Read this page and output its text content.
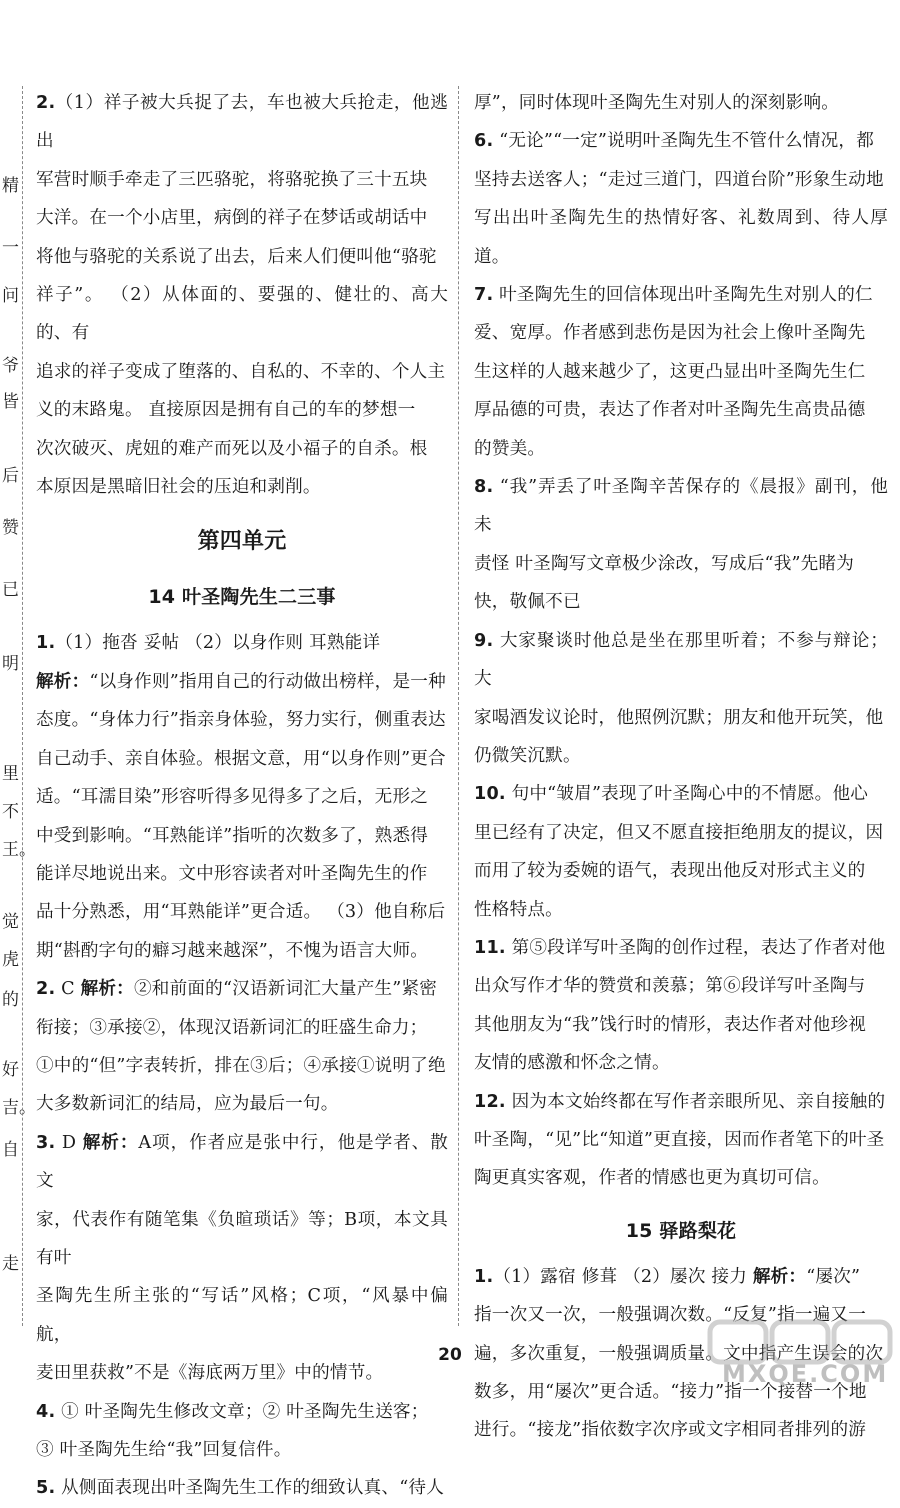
精
一
问
爷
皆
后
赞
已
明
里
不
王。
觉
虎
的
好
吉。
自
走

2.（1）祥子被大兵捉了去，车也被大兵抢走，他逃出

军营时顺手牵走了三匹骆驼，将骆驼换了三十五块

大洋。在一个小店里，病倒的祥子在梦话或胡话中

将他与骆驼的关系说了出去，后来人们便叫他“骆驼

祥子”。 （2）从体面的、要强的、健壮的、高大的、有

追求的祥子变成了堕落的、自私的、不幸的、个人主

义的末路鬼。 直接原因是拥有自己的车的梦想一

次次破灭、虎妞的难产而死以及小福子的自杀。根

本原因是黑暗旧社会的压迫和剥削。

第四单元
14 叶圣陶先生二三事

1.（1）拖沓 妥帖 （2）以身作则 耳熟能详

解析：“以身作则”指用自己的行动做出榜样，是一种

态度。“身体力行”指亲身体验，努力实行，侧重表达

自己动手、亲自体验。根据文意，用“以身作则”更合

适。“耳濡目染”形容听得多见得多了之后，无形之

中受到影响。“耳熟能详”指听的次数多了，熟悉得

能详尽地说出来。文中形容读者对叶圣陶先生的作

品十分熟悉，用“耳熟能详”更合适。 （3）他自称后

期“斟酌字句的癖习越来越深”，不愧为语言大师。

2. C 解析：②和前面的“汉语新词汇大量产生”紧密

衔接；③承接②，体现汉语新词汇的旺盛生命力；

①中的“但”字表转折，排在③后；④承接①说明了绝

大多数新词汇的结局，应为最后一句。

3. D 解析：A项，作者应是张中行，他是学者、散文

家，代表作有随笔集《负暄琐话》等；B项，本文具有叶

圣陶先生所主张的“写话”风格；C项，“风暴中偏航，

麦田里获救”不是《海底两万里》中的情节。

4. ① 叶圣陶先生修改文章；② 叶圣陶先生送客；

③ 叶圣陶先生给“我”回复信件。

5. 从侧面表现出叶圣陶先生工作的细致认真、“待人

厚”，同时体现叶圣陶先生对别人的深刻影响。

6. “无论”“一定”说明叶圣陶先生不管什么情况，都

坚持去送客人；“走过三道门，四道台阶”形象生动地

写出出叶圣陶先生的热情好客、礼数周到、待人厚道。

7. 叶圣陶先生的回信体现出叶圣陶先生对别人的仁

爱、宽厚。作者感到悲伤是因为社会上像叶圣陶先

生这样的人越来越少了，这更凸显出叶圣陶先生仁

厚品德的可贵，表达了作者对叶圣陶先生高贵品德

的赞美。

8. “我”弄丢了叶圣陶辛苦保存的《晨报》副刊，他未

责怪 叶圣陶写文章极少涂改，写成后“我”先睹为

快，敬佩不已

9. 大家聚谈时他总是坐在那里听着；不参与辩论；大

家喝酒发议论时，他照例沉默；朋友和他开玩笑，他

仍微笑沉默。

10. 句中“皱眉”表现了叶圣陶心中的不情愿。他心

里已经有了决定，但又不愿直接拒绝朋友的提议，因

而用了较为委婉的语气，表现出他反对形式主义的

性格特点。

11. 第⑤段详写叶圣陶的创作过程，表达了作者对他

出众写作才华的赞赏和羡慕；第⑥段详写叶圣陶与

其他朋友为“我”饯行时的情形，表达作者对他珍视

友情的感激和怀念之情。

12. 因为本文始终都在写作者亲眼所见、亲自接触的

叶圣陶，“见”比“知道”更直接，因而作者笔下的叶圣

陶更真实客观，作者的情感也更为真切可信。

15 驿路梨花

1.（1）露宿 修葺 （2）屡次 接力 解析：“屡次”

指一次又一次，一般强调次数。“反复”指一遍又一

遍，多次重复，一般强调质量。文中指产生误会的次

数多，用“屡次”更合适。“接力”指一个接替一个地

进行。“接龙”指依数字次序或文字相同者排列的游

20
MXQE.COM
